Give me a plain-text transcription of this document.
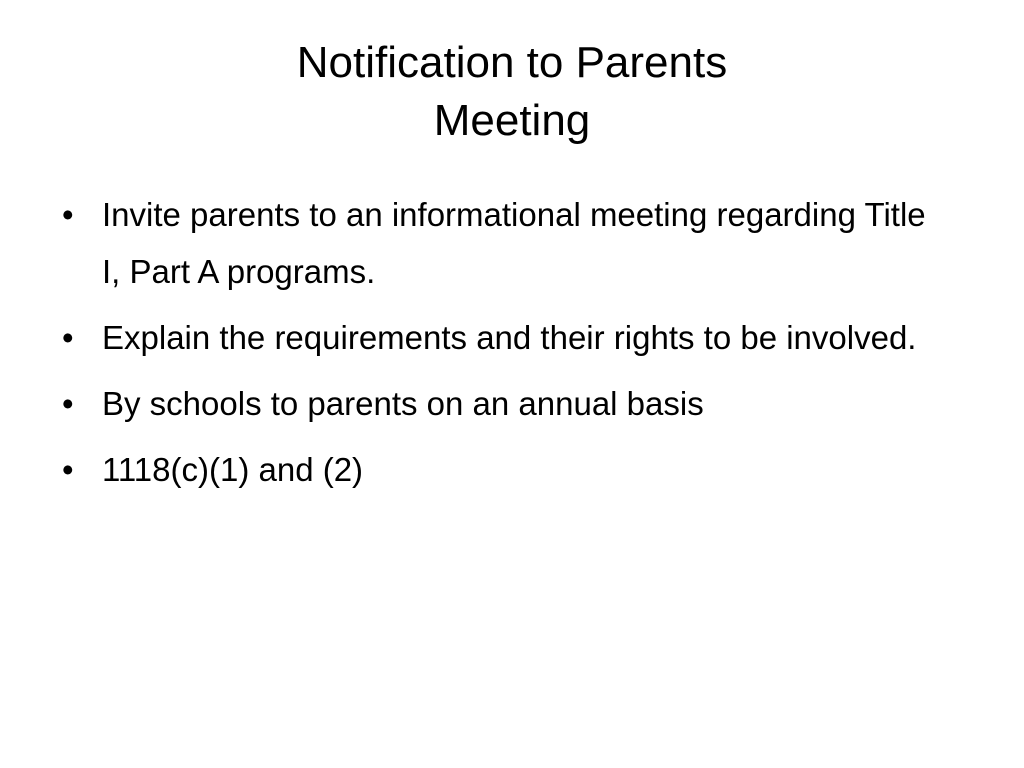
Notification to Parents
Meeting
• Invite parents to an informational meeting regarding Title I, Part A programs.
• Explain the requirements and their rights to be involved.
• By schools to parents on an annual basis
• 1118(c)(1) and (2)
